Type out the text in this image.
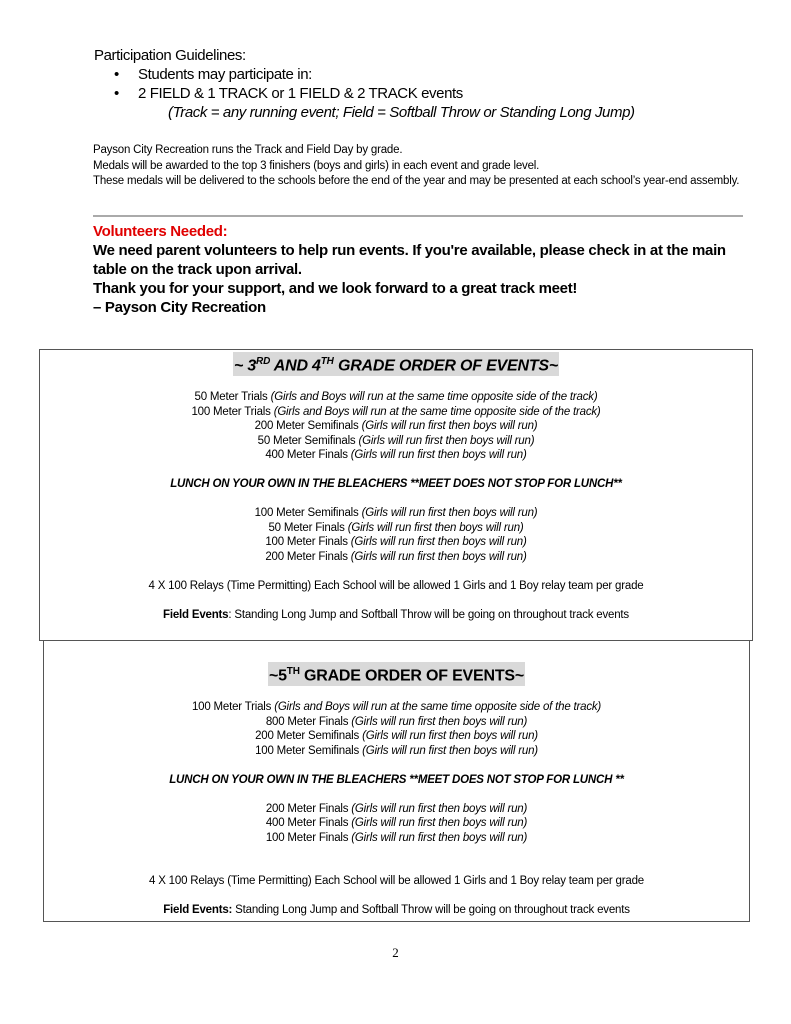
Participation Guidelines:
• Students may participate in:
• 2 FIELD & 1 TRACK or 1 FIELD & 2 TRACK events
(Track = any running event; Field = Softball Throw or Standing Long Jump)
Payson City Recreation runs the Track and Field Day by grade.
Medals will be awarded to the top 3 finishers (boys and girls) in each event and grade level.
These medals will be delivered to the schools before the end of the year and may be presented at each school’s year-end assembly.
Volunteers Needed:
We need parent volunteers to help run events. If you're available, please check in at the main table on the track upon arrival.
Thank you for your support, and we look forward to a great track meet!
– Payson City Recreation
~ 3RD AND 4TH GRADE ORDER OF EVENTS~
50 Meter Trials (Girls and Boys will run at the same time opposite side of the track)
100 Meter Trials (Girls and Boys will run at the same time opposite side of the track)
200 Meter Semifinals (Girls will run first then boys will run)
50 Meter Semifinals (Girls will run first then boys will run)
400 Meter Finals (Girls will run first then boys will run)
LUNCH ON YOUR OWN IN THE BLEACHERS **MEET DOES NOT STOP FOR LUNCH**
100 Meter Semifinals (Girls will run first then boys will run)
50 Meter Finals (Girls will run first then boys will run)
100 Meter Finals (Girls will run first then boys will run)
200 Meter Finals (Girls will run first then boys will run)
4 X 100 Relays (Time Permitting) Each School will be allowed 1 Girls and 1 Boy relay team per grade
Field Events: Standing Long Jump and Softball Throw will be going on throughout track events
~5TH GRADE ORDER OF EVENTS~
100 Meter Trials (Girls and Boys will run at the same time opposite side of the track)
800 Meter Finals (Girls will run first then boys will run)
200 Meter Semifinals (Girls will run first then boys will run)
100 Meter Semifinals (Girls will run first then boys will run)
LUNCH ON YOUR OWN IN THE BLEACHERS **MEET DOES NOT STOP FOR LUNCH **
200 Meter Finals (Girls will run first then boys will run)
400 Meter Finals (Girls will run first then boys will run)
100 Meter Finals (Girls will run first then boys will run)
4 X 100 Relays (Time Permitting) Each School will be allowed 1 Girls and 1 Boy relay team per grade
Field Events: Standing Long Jump and Softball Throw will be going on throughout track events
2
